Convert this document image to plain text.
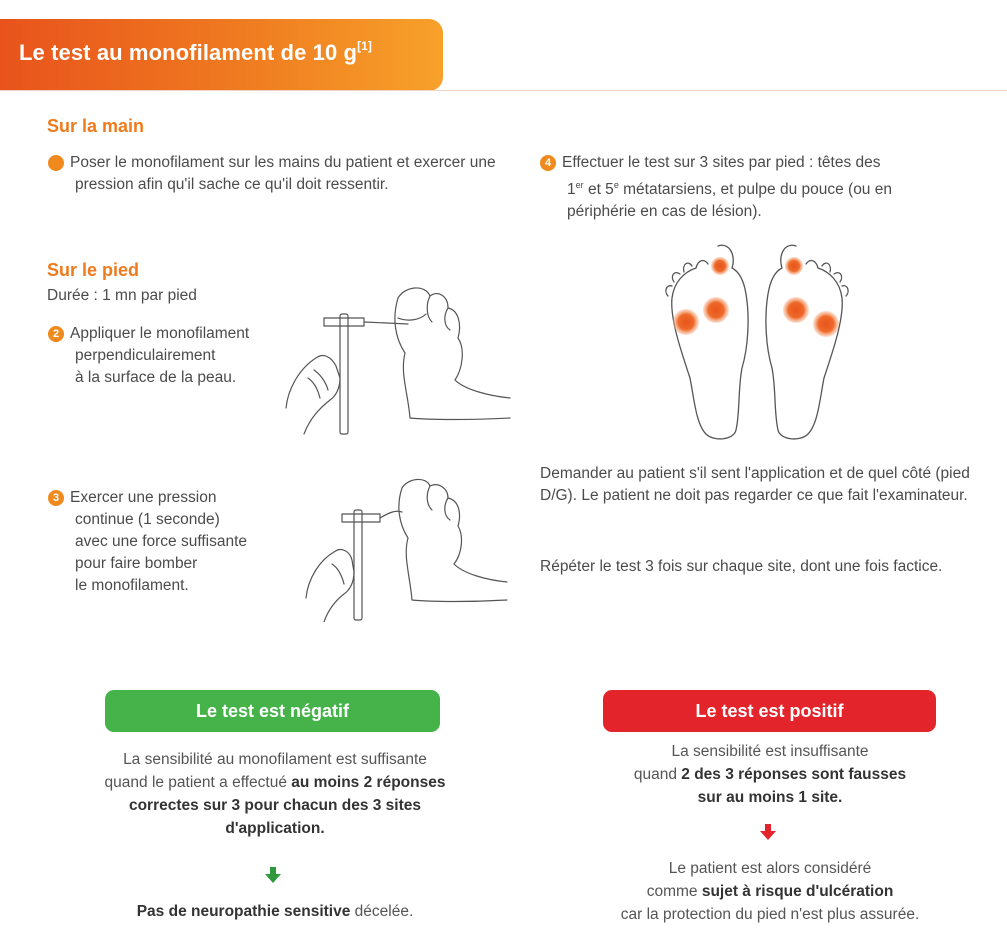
Le test au monofilament de 10 g[1]
Sur la main
1 Poser le monofilament sur les mains du patient et exercer une pression afin qu'il sache ce qu'il doit ressentir.
Sur le pied
Durée : 1 mn par pied
2 Appliquer le monofilament
perpendiculairement
à la surface de la peau.
3 Exercer une pression
continue (1 seconde)
avec une force suffisante
pour faire bomber
le monofilament.
4 Effectuer le test sur 3 sites par pied : têtes des
1er et 5e métatarsiens, et pulpe du pouce (ou en
périphérie en cas de lésion).
Demander au patient s'il sent l'application et de quel côté (pied D/G). Le patient ne doit pas regarder ce que fait l'examinateur.
Répéter le test 3 fois sur chaque site, dont une fois factice.
Le test est négatif
La sensibilité au monofilament est suffisante
quand le patient a effectué au moins 2 réponses
correctes sur 3 pour chacun des 3 sites
d'application.
Pas de neuropathie sensitive décelée.
Le test est positif
La sensibilité est insuffisante
quand 2 des 3 réponses sont fausses
sur au moins 1 site.
Le patient est alors considéré
comme sujet à risque d'ulcération
car la protection du pied n'est plus assurée.
